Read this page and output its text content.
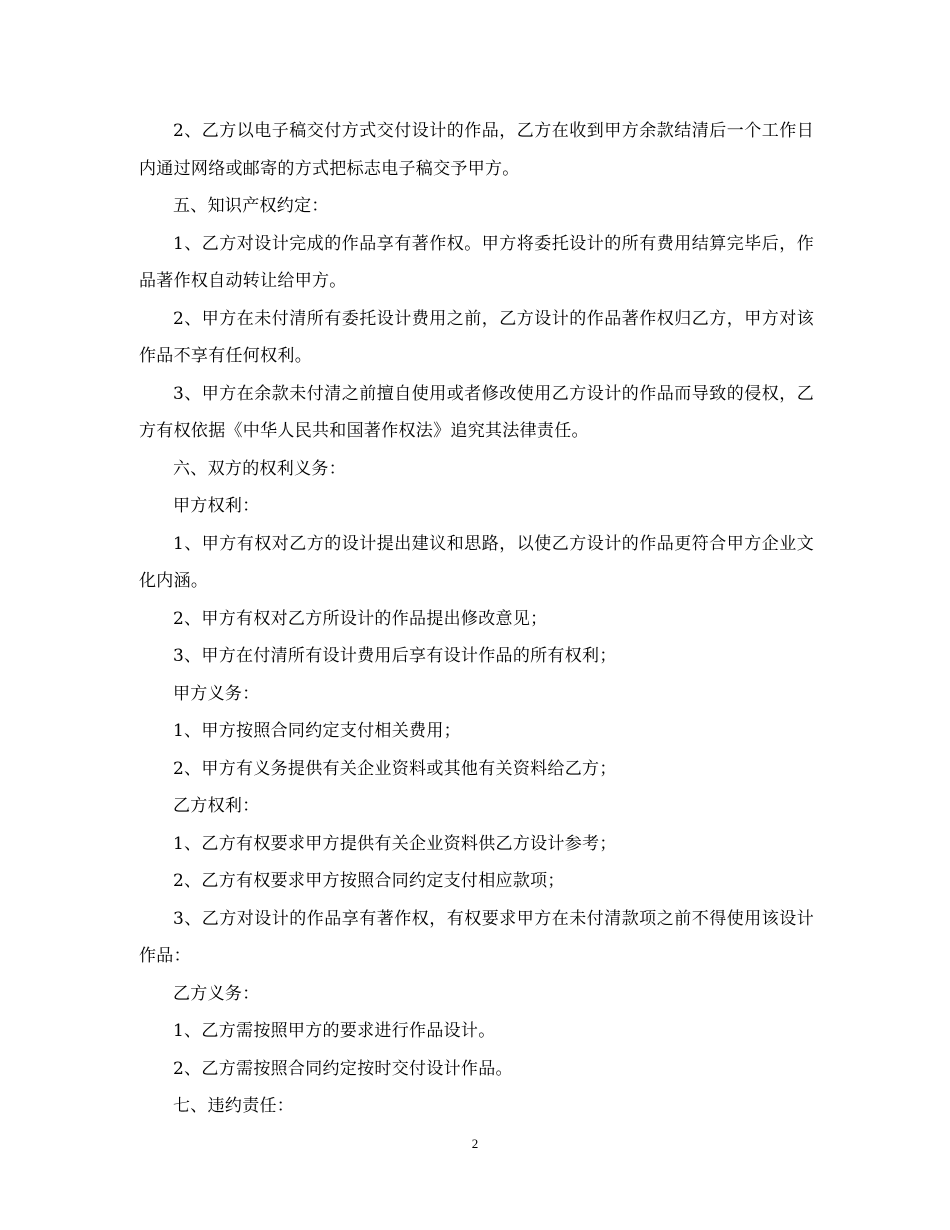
2、乙方以电子稿交付方式交付设计的作品，乙方在收到甲方余款结清后一个工作日内通过网络或邮寄的方式把标志电子稿交予甲方。

五、知识产权约定：

1、乙方对设计完成的作品享有著作权。甲方将委托设计的所有费用结算完毕后，作品著作权自动转让给甲方。

2、甲方在未付清所有委托设计费用之前，乙方设计的作品著作权归乙方，甲方对该作品不享有任何权利。

3、甲方在余款未付清之前擅自使用或者修改使用乙方设计的作品而导致的侵权，乙方有权依据《中华人民共和国著作权法》追究其法律责任。

六、双方的权利义务：

甲方权利：

1、甲方有权对乙方的设计提出建议和思路，以使乙方设计的作品更符合甲方企业文化内涵。

2、甲方有权对乙方所设计的作品提出修改意见；

3、甲方在付清所有设计费用后享有设计作品的所有权利；

甲方义务：

1、甲方按照合同约定支付相关费用；

2、甲方有义务提供有关企业资料或其他有关资料给乙方；

乙方权利：

1、乙方有权要求甲方提供有关企业资料供乙方设计参考；

2、乙方有权要求甲方按照合同约定支付相应款项；

3、乙方对设计的作品享有著作权，有权要求甲方在未付清款项之前不得使用该设计作品：

乙方义务：

1、乙方需按照甲方的要求进行作品设计。

2、乙方需按照合同约定按时交付设计作品。

七、违约责任：

2
